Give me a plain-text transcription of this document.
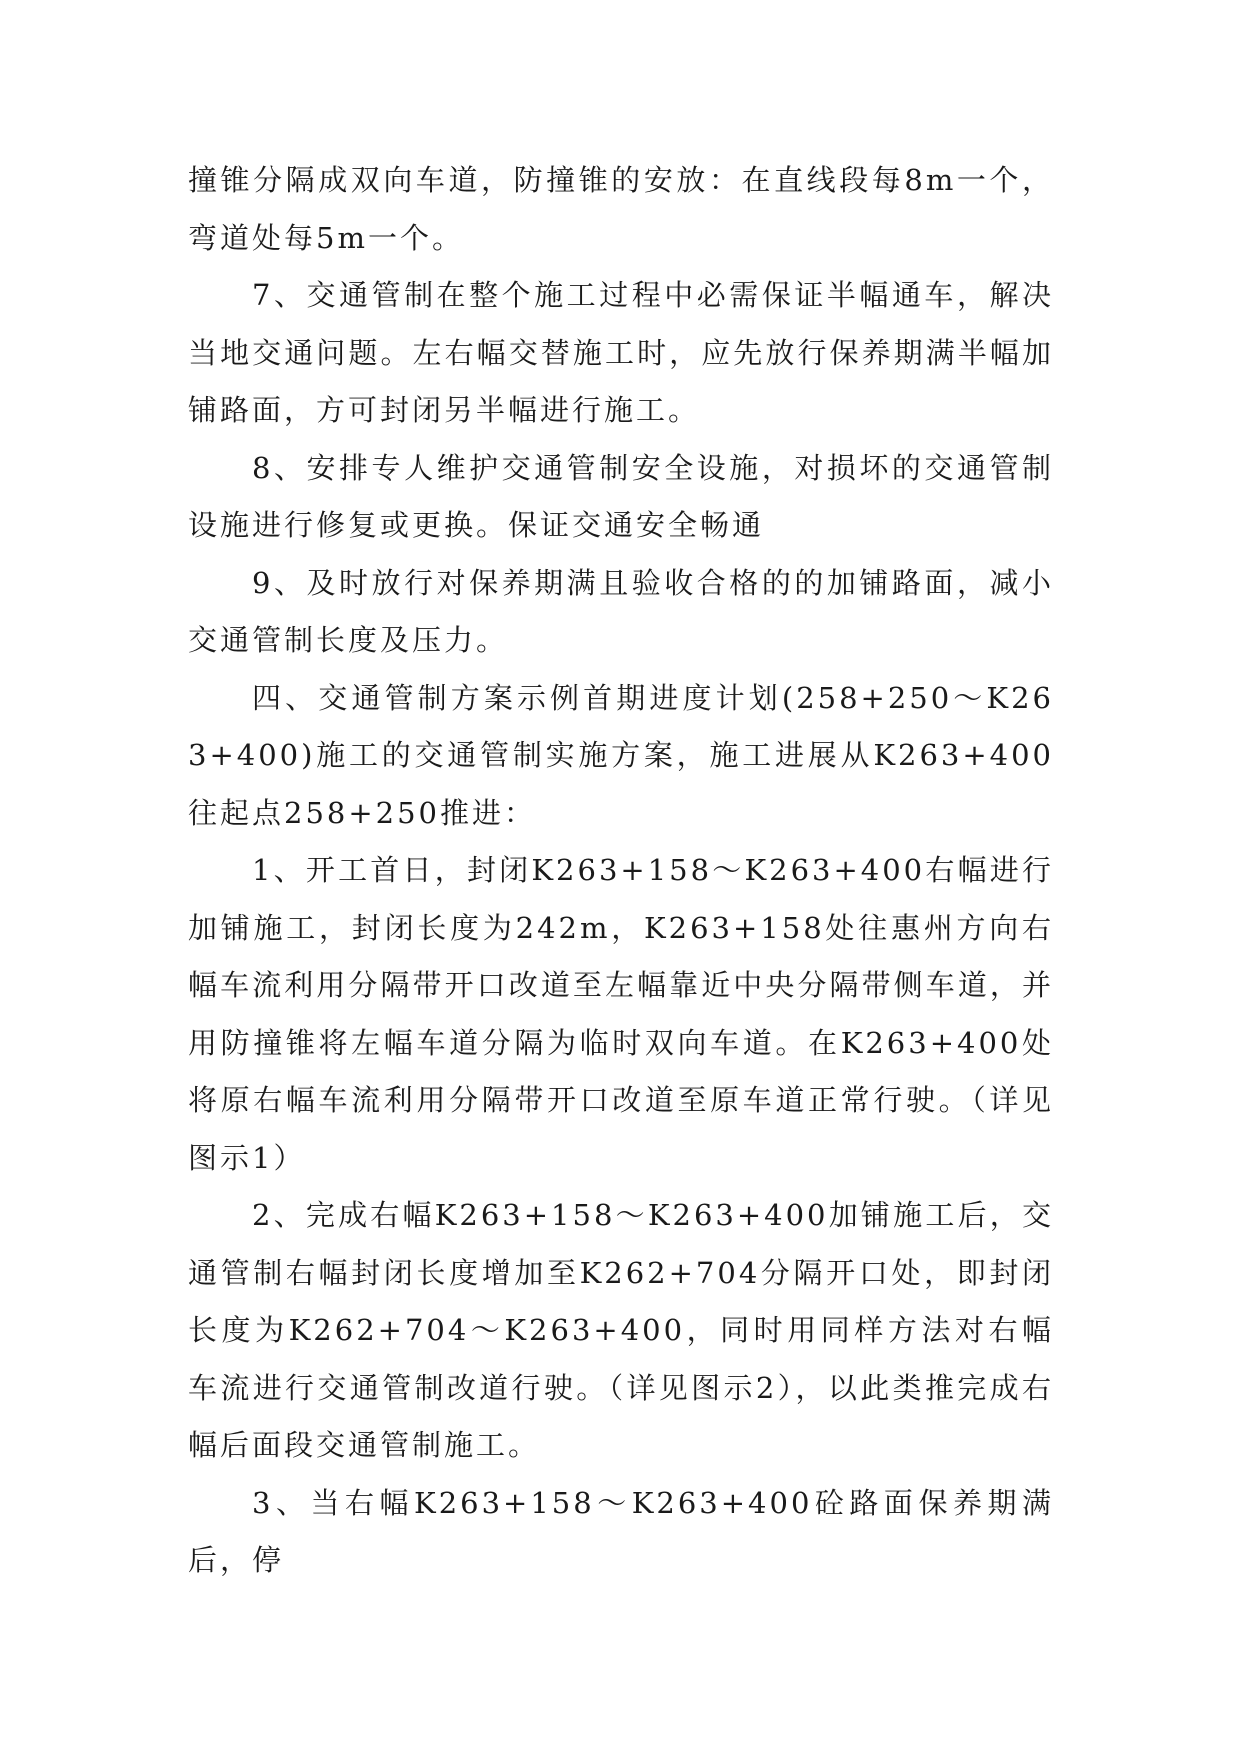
撞锥分隔成双向车道，防撞锥的安放：在直线段每8m一个，弯道处每5m一个。

7、交通管制在整个施工过程中必需保证半幅通车，解决当地交通问题。左右幅交替施工时，应先放行保养期满半幅加铺路面，方可封闭另半幅进行施工。

8、安排专人维护交通管制安全设施，对损坏的交通管制设施进行修复或更换。保证交通安全畅通

9、及时放行对保养期满且验收合格的的加铺路面，减小交通管制长度及压力。

四、交通管制方案示例首期进度计划(258+250～K263+400)施工的交通管制实施方案，施工进展从K263+400往起点258+250推进：

1、开工首日，封闭K263+158～K263+400右幅进行加铺施工，封闭长度为242m，K263+158处往惠州方向右幅车流利用分隔带开口改道至左幅靠近中央分隔带侧车道，并用防撞锥将左幅车道分隔为临时双向车道。在K263+400处将原右幅车流利用分隔带开口改道至原车道正常行驶。（详见图示1）

2、完成右幅K263+158～K263+400加铺施工后，交通管制右幅封闭长度增加至K262+704分隔开口处，即封闭长度为K262+704～K263+400，同时用同样方法对右幅车流进行交通管制改道行驶。（详见图示2），以此类推完成右幅后面段交通管制施工。

3、当右幅K263+158～K263+400砼路面保养期满后，停
